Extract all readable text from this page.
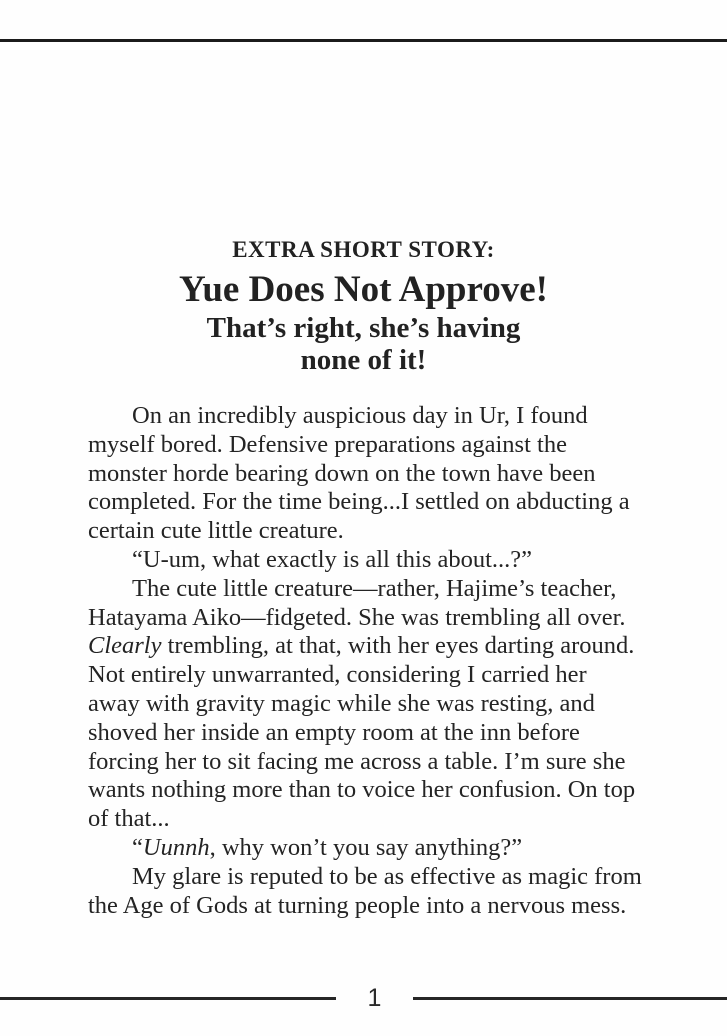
EXTRA SHORT STORY:
Yue Does Not Approve!
That’s right, she’s having
none of it!

On an incredibly auspicious day in Ur, I found myself bored. Defensive preparations against the monster horde bearing down on the town have been completed. For the time being...I settled on abducting a certain cute little creature.

“U-um, what exactly is all this about...?”

The cute little creature—rather, Hajime’s teacher, Hatayama Aiko—fidgeted. She was trembling all over. Clearly trembling, at that, with her eyes darting around. Not entirely unwarranted, considering I carried her away with gravity magic while she was resting, and shoved her inside an empty room at the inn before forcing her to sit facing me across a table. I’m sure she wants nothing more than to voice her confusion. On top of that...

“Uunnh, why won’t you say anything?”

My glare is reputed to be as effective as magic from the Age of Gods at turning people into a nervous mess.

1
